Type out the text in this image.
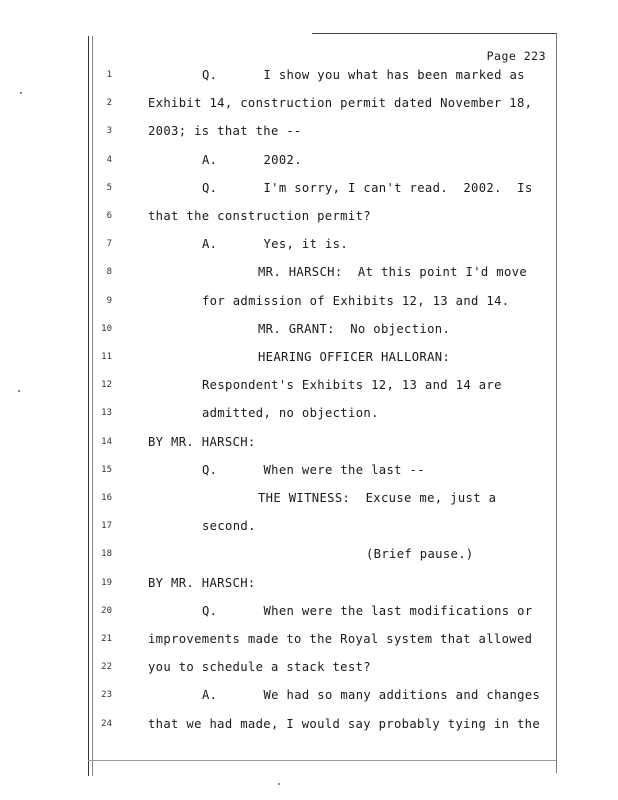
Page 223
1	Q.      I show you what has been marked as
2	Exhibit 14, construction permit dated November 18,
3	2003; is that the --
4	A.      2002.
5	Q.      I'm sorry, I can't read.  2002.  Is
6	that the construction permit?
7	A.      Yes, it is.
8	MR. HARSCH:  At this point I'd move
9	for admission of Exhibits 12, 13 and 14.
10	MR. GRANT:  No objection.
11	HEARING OFFICER HALLORAN:
12	Respondent's Exhibits 12, 13 and 14 are
13	admitted, no objection.
14	BY MR. HARSCH:
15	Q.      When were the last --
16	THE WITNESS:  Excuse me, just a
17	second.
18	(Brief pause.)
19	BY MR. HARSCH:
20	Q.      When were the last modifications or
21	improvements made to the Royal system that allowed
22	you to schedule a stack test?
23	A.      We had so many additions and changes
24	that we had made, I would say probably tying in the
